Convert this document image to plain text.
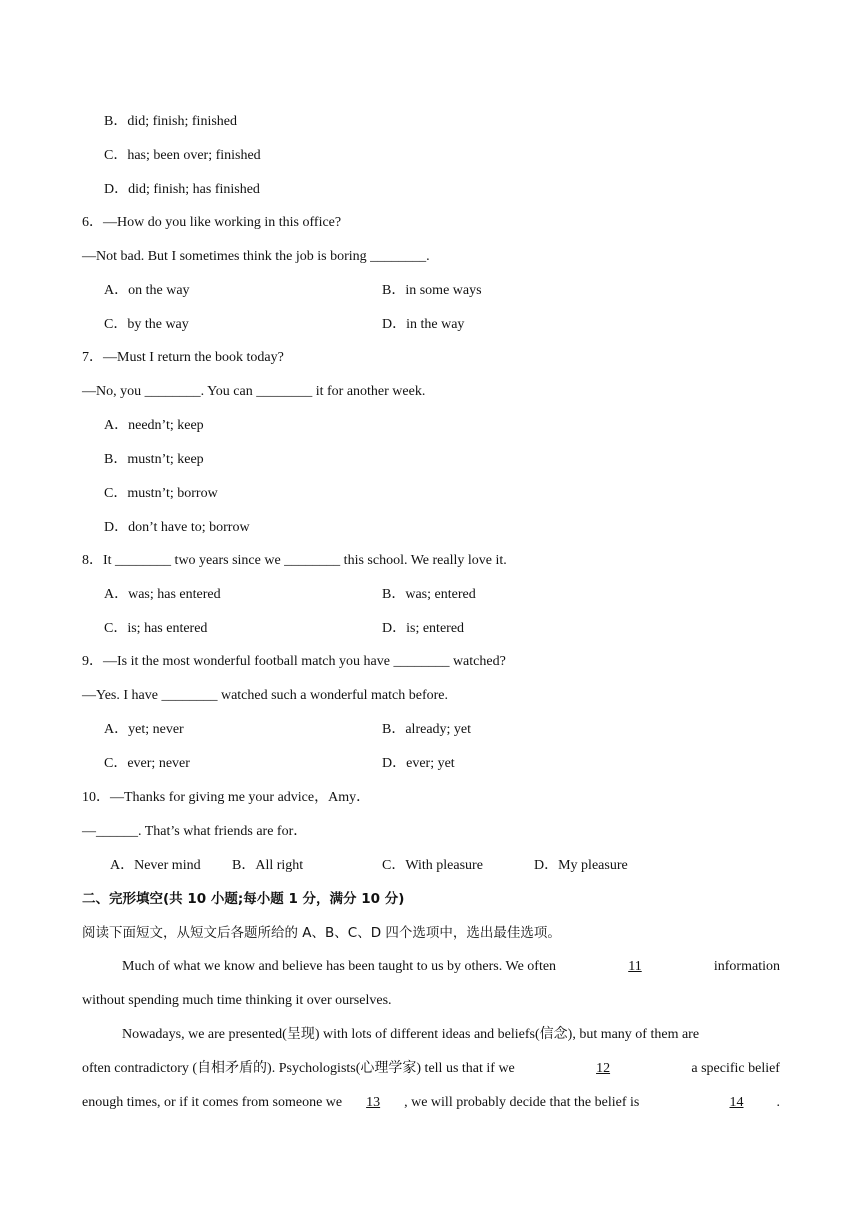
B．did; finish; finished
C．has; been over; finished
D．did; finish; has finished
6．—How do you like working in this office?
—Not bad. But I sometimes think the job is boring ________.
A．on the way	B．in some ways
C．by the way	D．in the way
7．—Must I return the book today?
—No, you ________. You can ________ it for another week.
A．needn’t; keep
B．mustn’t; keep
C．mustn’t; borrow
D．don’t have to; borrow
8．It ________ two years since we ________ this school. We really love it.
A．was; has entered	B．was; entered
C．is; has entered	D．is; entered
9．—Is it the most wonderful football match you have ________ watched?
—Yes. I have ________ watched such a wonderful match before.
A．yet; never	B．already; yet
C．ever; never	D．ever; yet
10．—Thanks for giving me your advice，Amy．
—______. That’s what friends are for．
A．Never mind B．All right	C．With pleasure	D．My pleasure
二、完形填空(共 10 小题;每小题 1 分，满分 10 分)
阅读下面短文，从短文后各题所给的 A、B、C、D 四个选项中，选出最佳选项。
Much of what we know and believe has been taught to us by others. We often	11	information
without spending much time thinking it over ourselves.
Nowadays, we are presented(呈现) with lots of different ideas and beliefs(信念), but many of them are
often contradictory (自相矛盾的). Psychologists(心理学家) tell us that if we	12	a specific belief
enough times, or if it comes from someone we 13 , we will probably decide that the belief is	14 .
